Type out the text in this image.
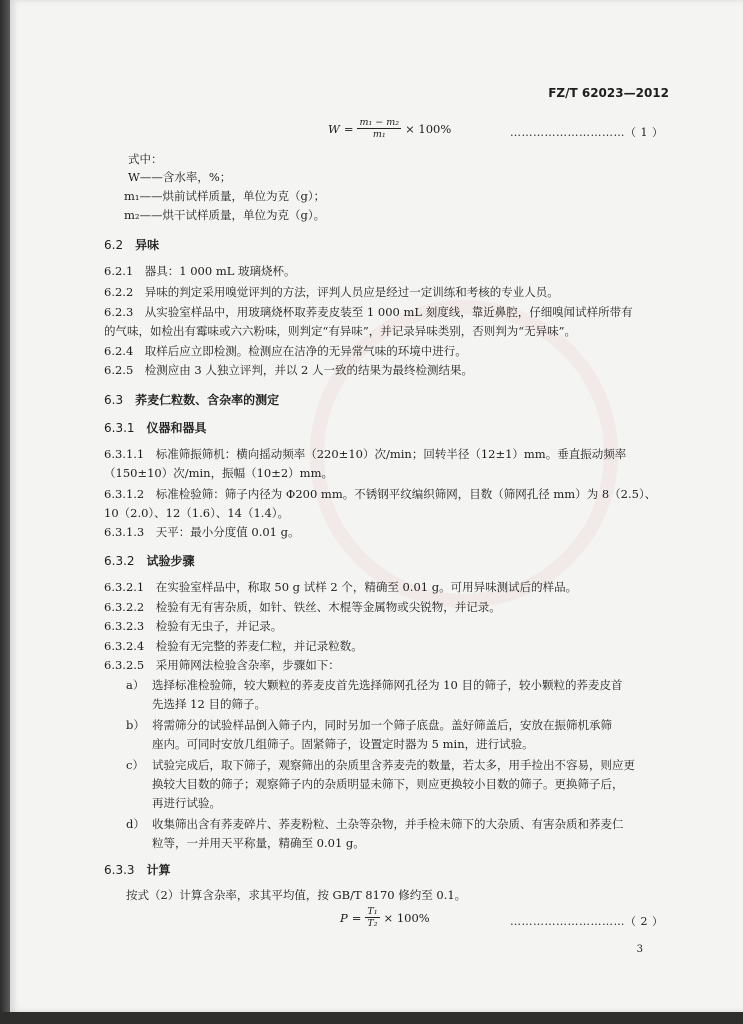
FZ/T 62023—2012
$W = \frac{\text{m₁ − m₂}}{\text{m₁}} \times 100\%$	…………………………（ 1 ）
式中：
W——含水率，%；
m₁——烘前试样质量，单位为克（g）；
m₂——烘干试样质量，单位为克（g）。
6.2 异味
6.2.1　器具：1 000 mL 玻璃烧杯。
6.2.2　异味的判定采用嗅觉评判的方法，评判人员应是经过一定训练和考核的专业人员。
6.2.3　从实验室样品中，用玻璃烧杯取荞麦皮装至 1 000 mL 刻度线，靠近鼻腔，仔细嗅闻试样所带有
的气味，如检出有霉味或六六粉味，则判定“有异味”，并记录异味类别，否则判为“无异味”。
6.2.4　取样后应立即检测。检测应在洁净的无异常气味的环境中进行。
6.2.5　检测应由 3 人独立评判，并以 2 人一致的结果为最终检测结果。
6.3 荞麦仁粒数、含杂率的测定
6.3.1 仪器和器具
6.3.1.1　标准筛振筛机：横向摇动频率（220±10）次/min；回转半径（12±1）mm。垂直振动频率
（150±10）次/min，振幅（10±2）mm。
6.3.1.2　标准检验筛：筛子内径为 Φ200 mm。不锈钢平纹编织筛网，目数（筛网孔径 mm）为 8（2.5）、
10（2.0）、12（1.6）、14（1.4）。
6.3.1.3　天平：最小分度值 0.01 g。
6.3.2 试验步骤
6.3.2.1　在实验室样品中，称取 50 g 试样 2 个，精确至 0.01 g。可用异味测试后的样品。
6.3.2.2　检验有无有害杂质，如针、铁丝、木棍等金属物或尖锐物，并记录。
6.3.2.3　检验有无虫子，并记录。
6.3.2.4　检验有无完整的荞麦仁粒，并记录粒数。
6.3.2.5　采用筛网法检验含杂率，步骤如下：
a） 选择标准检验筛，较大颗粒的荞麦皮首先选择筛网孔径为 10 目的筛子，较小颗粒的荞麦皮首
先选择 12 目的筛子。
b） 将需筛分的试验样品倒入筛子内，同时另加一个筛子底盘。盖好筛盖后，安放在振筛机承筛
座内。可同时安放几组筛子。固紧筛子，设置定时器为 5 min，进行试验。
c） 试验完成后，取下筛子，观察筛出的杂质里含荞麦壳的数量，若太多，用手捡出不容易，则应更
换较大目数的筛子；观察筛子内的杂质明显未筛下，则应更换较小目数的筛子。更换筛子后，
再进行试验。
d） 收集筛出含有荞麦碎片、荞麦粉粒、土杂等杂物，并手检未筛下的大杂质、有害杂质和荞麦仁
粒等，一并用天平称量，精确至 0.01 g。
6.3.3 计算
按式（2）计算含杂率，求其平均值，按 GB/T 8170 修约至 0.1。
$P = \frac{\text{T₁}}{\text{T₂}} \times 100\%$	…………………………（ 2 ）
3
